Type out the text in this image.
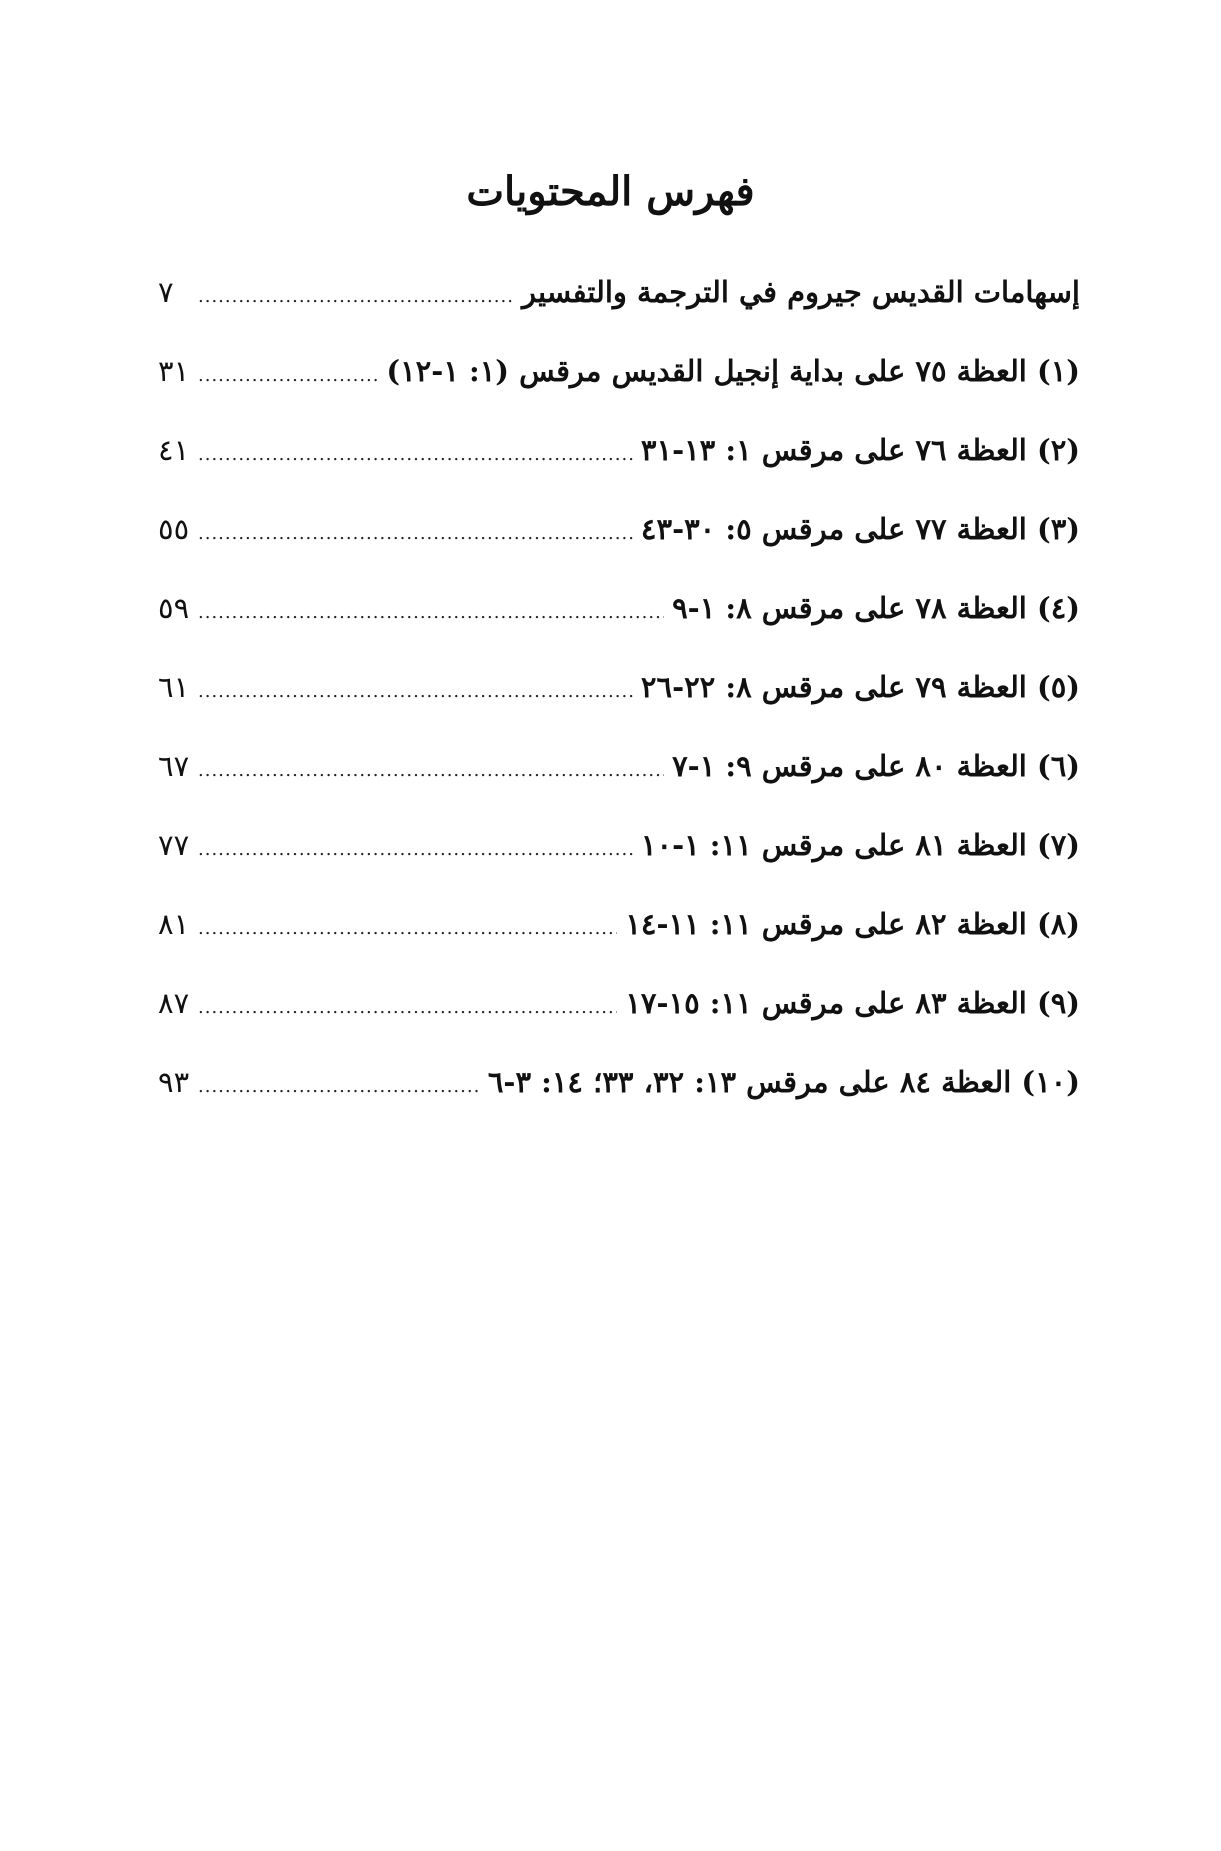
فهرس المحتويات
إسهامات القديس جيروم في الترجمة والتفسير
.....
٧
(١) العظة ٧٥ على بداية إنجيل القديس مرقس (١: ١-١٢)
.....
٣١
(٢) العظة ٧٦ على مرقس ١: ١٣-٣١
.....
٤١
(٣) العظة ٧٧ على مرقس ٥: ٣٠-٤٣
.....
٥٥
(٤) العظة ٧٨ على مرقس ٨: ١-٩
.....
٥٩
(٥) العظة ٧٩ على مرقس ٨: ٢٢-٢٦
.....
٦١
(٦) العظة ٨٠ على مرقس ٩: ١-٧
.....
٦٧
(٧) العظة ٨١ على مرقس ١١: ١-١٠
.....
٧٧
(٨) العظة ٨٢ على مرقس ١١: ١١-١٤
.....
٨١
(٩) العظة ٨٣ على مرقس ١١: ١٥-١٧
.....
٨٧
(١٠) العظة ٨٤ على مرقس ١٣: ٣٢، ٣٣؛ ١٤: ٣-٦
.....
٩٣
